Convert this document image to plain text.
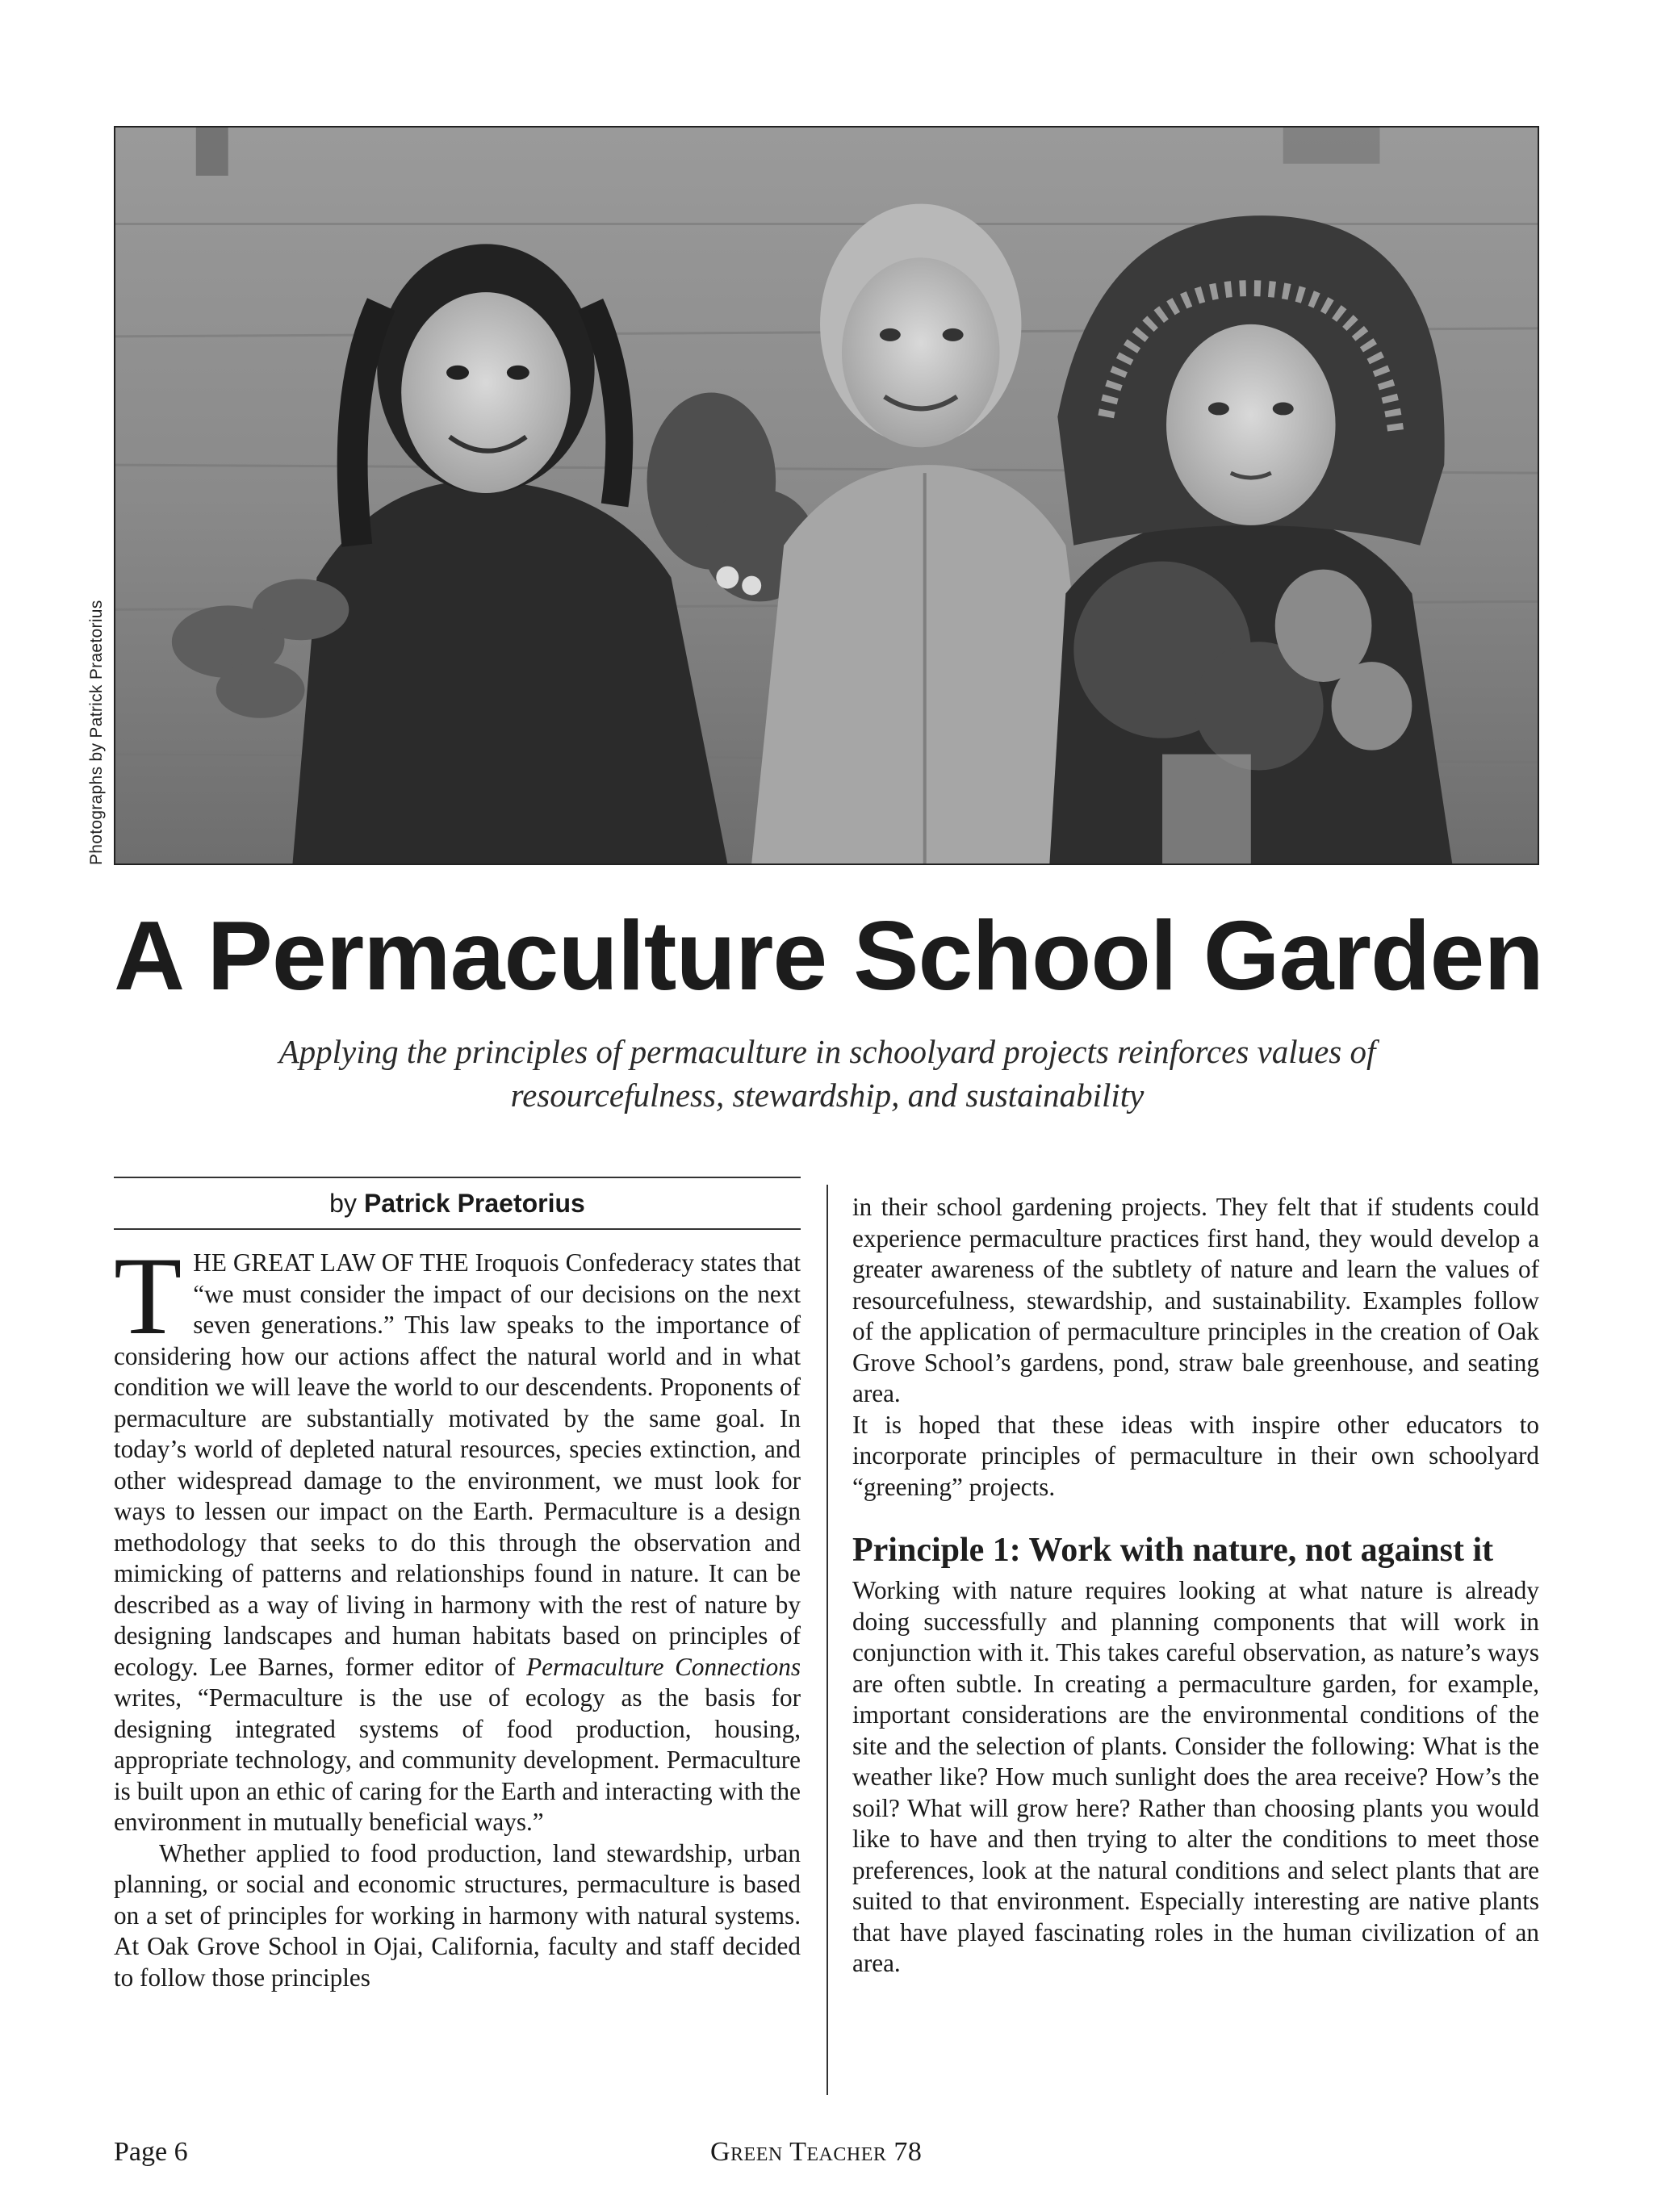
Photographs by Patrick Praetorius
A Permaculture School Garden

Applying the principles of permaculture in schoolyard projects reinforces values of resourcefulness, stewardship, and sustainability

by Patrick Praetorius

THE GREAT LAW OF THE Iroquois Confederacy states that “we must consider the impact of our decisions on the next seven generations.” This law speaks to the importance of considering how our actions affect the natural world and in what condition we will leave the world to our descendents. Proponents of permaculture are substantially motivated by the same goal. In today’s world of depleted natural resources, species extinction, and other widespread damage to the environment, we must look for ways to lessen our impact on the Earth. Permaculture is a design methodology that seeks to do this through the observation and mimicking of patterns and relationships found in nature. It can be described as a way of living in harmony with the rest of nature by designing landscapes and human habitats based on principles of ecology. Lee Barnes, former editor of Permaculture Connections writes, “Permaculture is the use of ecology as the basis for designing integrated systems of food production, housing, appropriate technology, and community development. Permaculture is built upon an ethic of caring for the Earth and interacting with the environment in mutually beneficial ways.”

Whether applied to food production, land stewardship, urban planning, or social and economic structures, permaculture is based on a set of principles for working in harmony with natural systems. At Oak Grove School in Ojai, California, faculty and staff decided to follow those principles

in their school gardening projects. They felt that if students could experience permaculture practices first hand, they would develop a greater awareness of the subtlety of nature and learn the values of resourcefulness, stewardship, and sustainability. Examples follow of the application of permaculture principles in the creation of Oak Grove School’s gardens, pond, straw bale greenhouse, and seating area.

It is hoped that these ideas with inspire other educators to incorporate principles of permaculture in their own schoolyard “greening” projects.

Principle 1: Work with nature, not against it

Working with nature requires looking at what nature is already doing successfully and planning components that will work in conjunction with it. This takes careful observation, as nature’s ways are often subtle. In creating a permaculture garden, for example, important considerations are the environmental conditions of the site and the selection of plants. Consider the following: What is the weather like? How much sunlight does the area receive? How’s the soil? What will grow here? Rather than choosing plants you would like to have and then trying to alter the conditions to meet those preferences, look at the natural conditions and select plants that are suited to that environment. Especially interesting are native plants that have played fascinating roles in the human civilization of an area.

Page 6	Green Teacher 78
